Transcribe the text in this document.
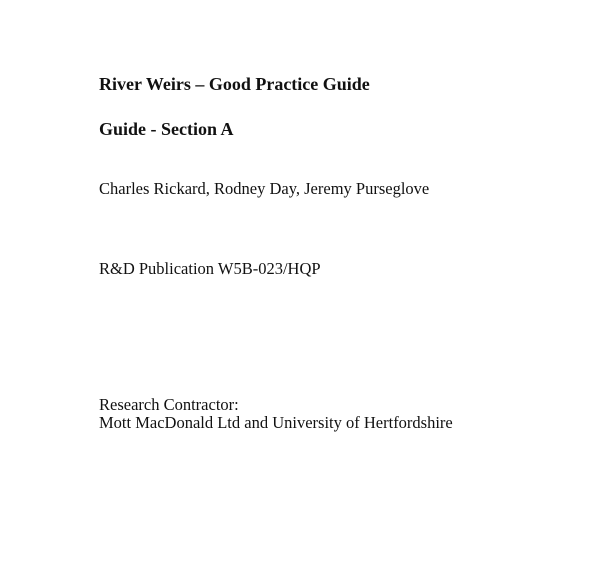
River Weirs – Good Practice Guide
Guide - Section A

Charles Rickard, Rodney Day, Jeremy Purseglove

R&D Publication W5B-023/HQP

Research Contractor:

Mott MacDonald Ltd and University of Hertfordshire
